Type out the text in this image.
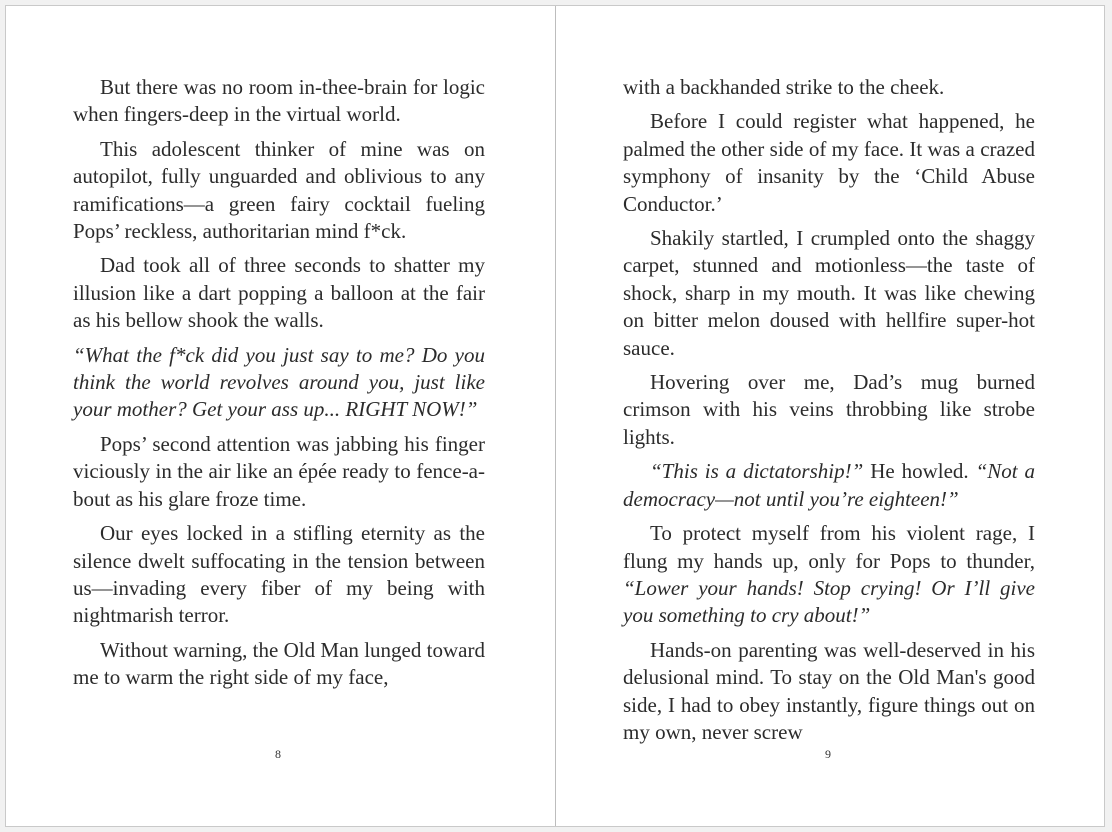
But there was no room in-thee-brain for logic when fingers-deep in the virtual world.

This adolescent thinker of mine was on autopilot, fully unguarded and oblivious to any ramifications—a green fairy cocktail fueling Pops’ reckless, authoritarian mind f*ck.

Dad took all of three seconds to shatter my illusion like a dart popping a balloon at the fair as his bellow shook the walls.

“What the f*ck did you just say to me? Do you think the world revolves around you, just like your mother? Get your ass up... RIGHT NOW!”

Pops’ second attention was jabbing his finger viciously in the air like an épée ready to fence-a-bout as his glare froze time.

Our eyes locked in a stifling eternity as the silence dwelt suffocating in the tension between us—invading every fiber of my being with nightmarish terror.

Without warning, the Old Man lunged toward me to warm the right side of my face,

with a backhanded strike to the cheek.

Before I could register what happened, he palmed the other side of my face. It was a crazed symphony of insanity by the ‘Child Abuse Conductor.’

Shakily startled, I crumpled onto the shaggy carpet, stunned and motionless—the taste of shock, sharp in my mouth. It was like chewing on bitter melon doused with hellfire super-hot sauce.

Hovering over me, Dad’s mug burned crimson with his veins throbbing like strobe lights.

“This is a dictatorship!” He howled. “Not a democracy—not until you’re eighteen!”

To protect myself from his violent rage, I flung my hands up, only for Pops to thunder, “Lower your hands! Stop crying! Or I’ll give you something to cry about!”

Hands-on parenting was well-deserved in his delusional mind. To stay on the Old Man's good side, I had to obey instantly, figure things out on my own, never screw

8	9
